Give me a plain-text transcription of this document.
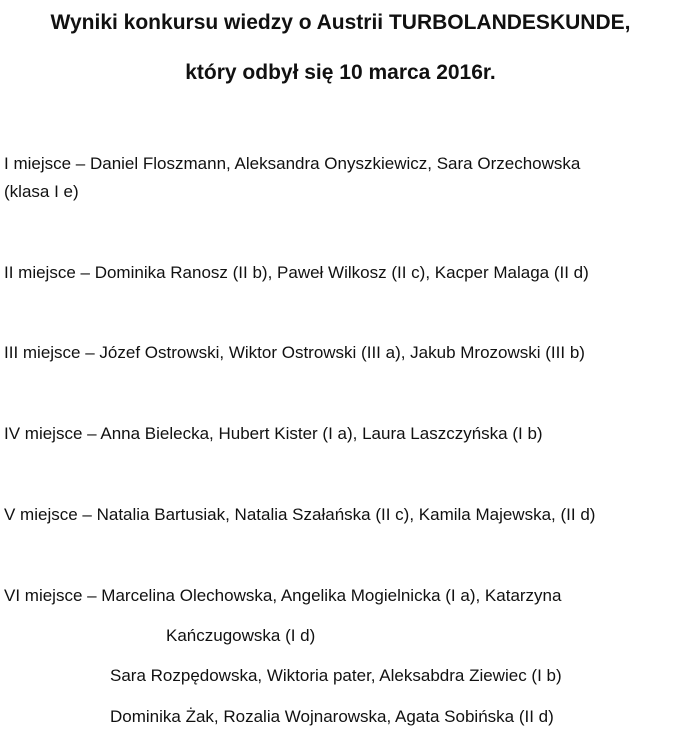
Wyniki konkursu wiedzy o Austrii TURBOLANDESKUNDE,
który odbył się 10 marca 2016r.
I miejsce – Daniel Floszmann, Aleksandra Onyszkiewicz, Sara Orzechowska
(klasa I e)
II miejsce – Dominika Ranosz (II b), Paweł Wilkosz (II c), Kacper Malaga (II d)
III miejsce – Józef Ostrowski, Wiktor Ostrowski (III a), Jakub Mrozowski (III b)
IV miejsce – Anna Bielecka, Hubert Kister (I a), Laura Laszczyńska (I b)
V miejsce – Natalia Bartusiak, Natalia Szałańska (II c), Kamila Majewska, (II d)
VI miejsce – Marcelina Olechowska, Angelika Mogielnicka (I a), Katarzyna
Kańczugowska (I d)
Sara Rozpędowska, Wiktoria pater, Aleksabdra Ziewiec (I b)
Dominika Żak, Rozalia Wojnarowska, Agata Sobińska (II d)
